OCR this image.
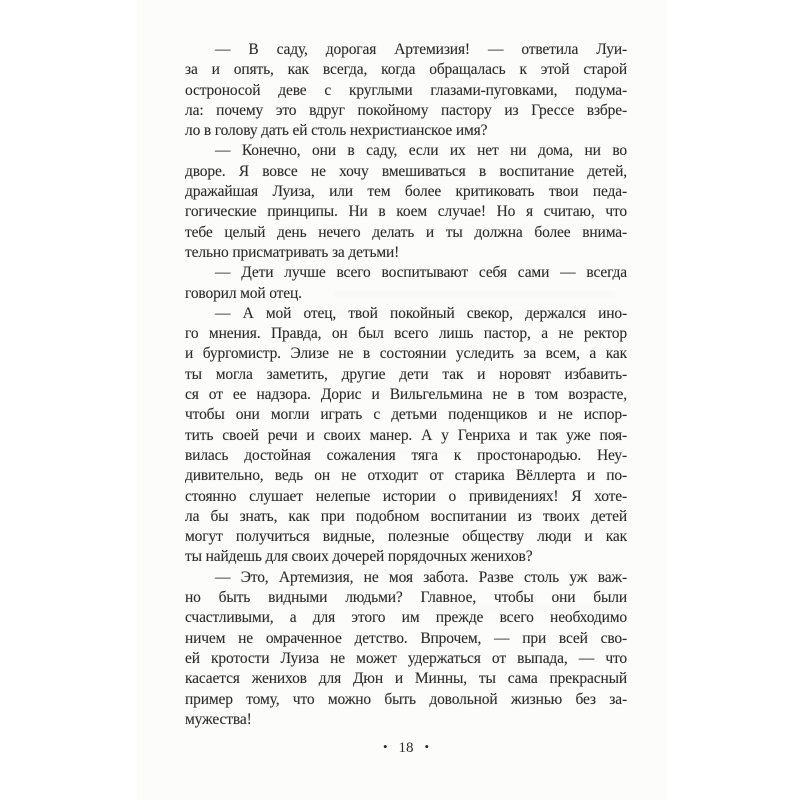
— В саду, дорогая Артемизия! — ответила Луи-
за и опять, как всегда, когда обращалась к этой старой
остроносой деве с круглыми глазами-пуговками, подума-
ла: почему это вдруг покойному пастору из Грессе взбре-
ло в голову дать ей столь нехристианское имя?
— Конечно, они в саду, если их нет ни дома, ни во
дворе. Я вовсе не хочу вмешиваться в воспитание детей,
дражайшая Луиза, или тем более критиковать твои педа-
гогические принципы. Ни в коем случае! Но я считаю, что
тебе целый день нечего делать и ты должна более внима-
тельно присматривать за детьми!
— Дети лучше всего воспитывают себя сами — всегда
говорил мой отец.
— А мой отец, твой покойный свекор, держался ино-
го мнения. Правда, он был всего лишь пастор, а не ректор
и бургомистр. Элизе не в состоянии уследить за всем, а как
ты могла заметить, другие дети так и норовят избавить-
ся от ее надзора. Дорис и Вильгельмина не в том возрасте,
чтобы они могли играть с детьми поденщиков и не испор-
тить своей речи и своих манер. А у Генриха и так уже поя-
вилась достойная сожаления тяга к простонародью. Неу-
дивительно, ведь он не отходит от старика Вёллерта и по-
стоянно слушает нелепые истории о привидениях! Я хоте-
ла бы знать, как при подобном воспитании из твоих детей
могут получиться видные, полезные обществу люди и как
ты найдешь для своих дочерей порядочных женихов?
— Это, Артемизия, не моя забота. Разве столь уж важ-
но быть видными людьми? Главное, чтобы они были
счастливыми, а для этого им прежде всего необходимо
ничем не омраченное детство. Впрочем, — при всей сво-
ей кротости Луиза не может удержаться от выпада, — что
касается женихов для Дюн и Минны, ты сама прекрасный
пример тому, что можно быть довольной жизнью без за-
мужества!
• 18 •
